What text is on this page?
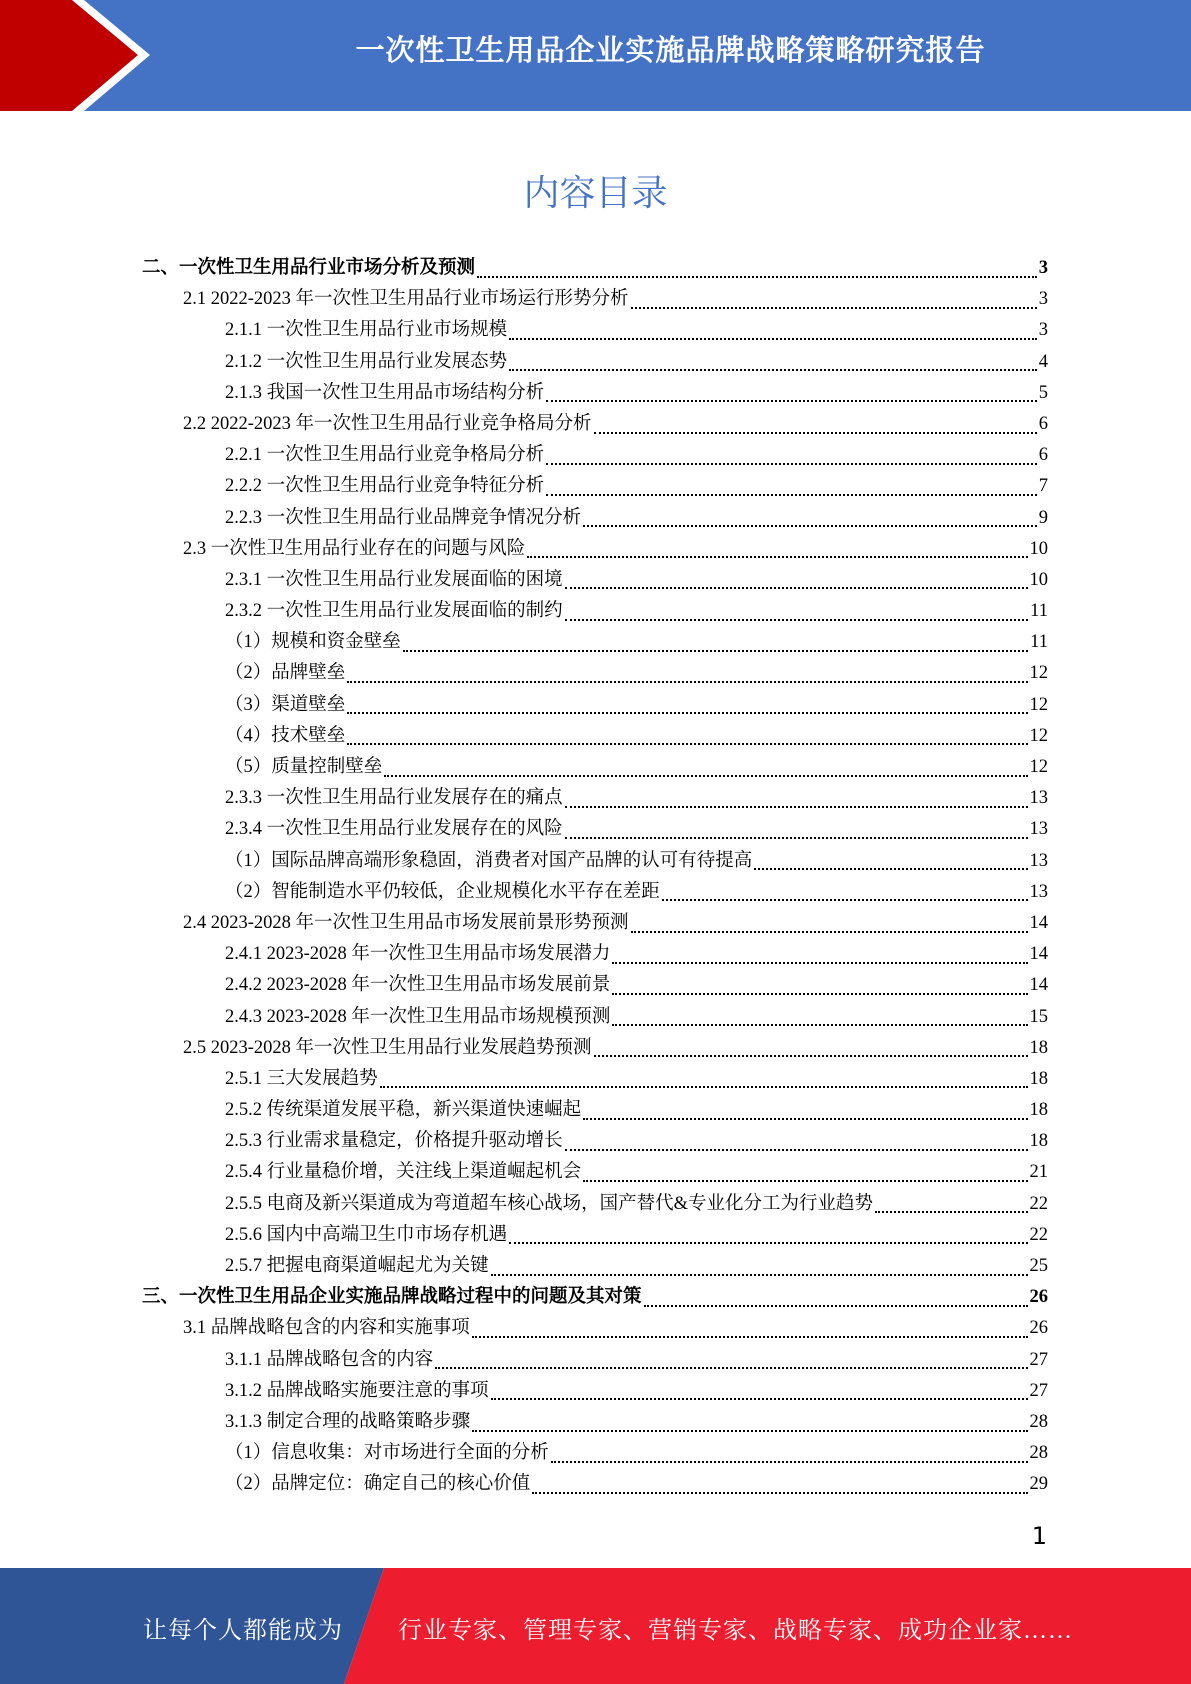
一次性卫生用品企业实施品牌战略策略研究报告
内容目录
二、一次性卫生用品行业市场分析及预测	3
2.1 2022-2023 年一次性卫生用品行业市场运行形势分析	3
2.1.1 一次性卫生用品行业市场规模	3
2.1.2 一次性卫生用品行业发展态势	4
2.1.3 我国一次性卫生用品市场结构分析	5
2.2 2022-2023 年一次性卫生用品行业竞争格局分析	6
2.2.1 一次性卫生用品行业竞争格局分析	6
2.2.2 一次性卫生用品行业竞争特征分析	7
2.2.3 一次性卫生用品行业品牌竞争情况分析	9
2.3 一次性卫生用品行业存在的问题与风险	10
2.3.1 一次性卫生用品行业发展面临的困境	10
2.3.2 一次性卫生用品行业发展面临的制约	11
（1）规模和资金壁垒	11
（2）品牌壁垒	12
（3）渠道壁垒	12
（4）技术壁垒	12
（5）质量控制壁垒	12
2.3.3 一次性卫生用品行业发展存在的痛点	13
2.3.4 一次性卫生用品行业发展存在的风险	13
（1）国际品牌高端形象稳固，消费者对国产品牌的认可有待提高	13
（2）智能制造水平仍较低，企业规模化水平存在差距	13
2.4 2023-2028 年一次性卫生用品市场发展前景形势预测	14
2.4.1 2023-2028 年一次性卫生用品市场发展潜力	14
2.4.2 2023-2028 年一次性卫生用品市场发展前景	14
2.4.3 2023-2028 年一次性卫生用品市场规模预测	15
2.5 2023-2028 年一次性卫生用品行业发展趋势预测	18
2.5.1 三大发展趋势	18
2.5.2 传统渠道发展平稳，新兴渠道快速崛起	18
2.5.3 行业需求量稳定，价格提升驱动增长	18
2.5.4 行业量稳价增，关注线上渠道崛起机会	21
2.5.5 电商及新兴渠道成为弯道超车核心战场，国产替代&专业化分工为行业趋势	22
2.5.6 国内中高端卫生巾市场存机遇	22
2.5.7 把握电商渠道崛起尤为关键	25
三、一次性卫生用品企业实施品牌战略过程中的问题及其对策	26
3.1 品牌战略包含的内容和实施事项	26
3.1.1 品牌战略包含的内容	27
3.1.2 品牌战略实施要注意的事项	27
3.1.3 制定合理的战略策略步骤	28
（1）信息收集：对市场进行全面的分析	28
（2）品牌定位：确定自己的核心价值	29
1
让每个人都能成为 行业专家、管理专家、营销专家、战略专家、成功企业家……
